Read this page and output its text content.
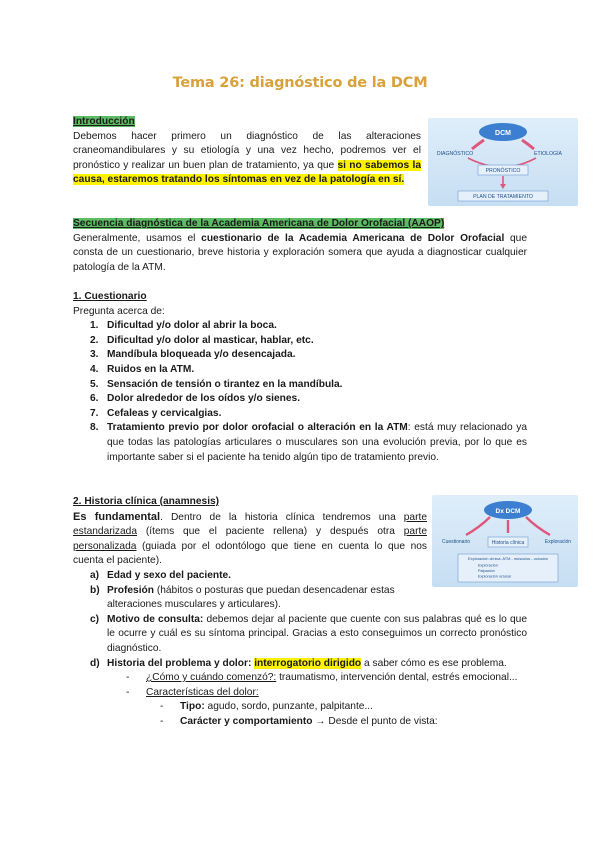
Tema 26: diagnóstico de la DCM
Introducción
Debemos hacer primero un diagnóstico de las alteraciones craneomandibulares y su etiología y una vez hecho, podremos ver el pronóstico y realizar un buen plan de tratamiento, ya que si no sabemos la causa, estaremos tratando los síntomas en vez de la patología en sí.
DCM
DIAGNÓSTICO	ETIOLOGÍA
PRONÓSTICO
PLAN DE TRATAMIENTO
Secuencia diagnóstica de la Academia Americana de Dolor Orofacial (AAOP)
Generalmente, usamos el cuestionario de la Academia Americana de Dolor Orofacial que consta de un cuestionario, breve historia y exploración somera que ayuda a diagnosticar cualquier patología de la ATM.
1. Cuestionario
Pregunta acerca de:
1. Dificultad y/o dolor al abrir la boca.
2. Dificultad y/o dolor al masticar, hablar, etc.
3. Mandíbula bloqueada y/o desencajada.
4. Ruidos en la ATM.
5. Sensación de tensión o tirantez en la mandíbula.
6. Dolor alrededor de los oídos y/o sienes.
7. Cefaleas y cervicalgias.
8. Tratamiento previo por dolor orofacial o alteración en la ATM: está muy relacionado ya que todas las patologías articulares o musculares son una evolución previa, por lo que es importante saber si el paciente ha tenido algún tipo de tratamiento previo.
Dx DCM
Cuestionario	Historia clínica	Exploración
Exploración clínica: ATM - músculos - oclusión
Exploración
Palpación
Exploración oclusal
2. Historia clínica (anamnesis)
Es fundamental. Dentro de la historia clínica tendremos una parte estandarizada (ítems que el paciente rellena) y después otra parte personalizada (guiada por el odontólogo que tiene en cuenta lo que nos cuenta el paciente).
a) Edad y sexo del paciente.
b) Profesión (hábitos o posturas que puedan desencadenar estas alteraciones musculares y articulares).
c) Motivo de consulta: debemos dejar al paciente que cuente con sus palabras qué es lo que le ocurre y cuál es su síntoma principal. Gracias a esto conseguimos un correcto pronóstico diagnóstico.
d) Historia del problema y dolor: interrogatorio dirigido a saber cómo es ese problema.
- ¿Cómo y cuándo comenzó?: traumatismo, intervención dental, estrés emocional...
- Características del dolor:
- Tipo: agudo, sordo, punzante, palpitante...
- Carácter y comportamiento → Desde el punto de vista:
